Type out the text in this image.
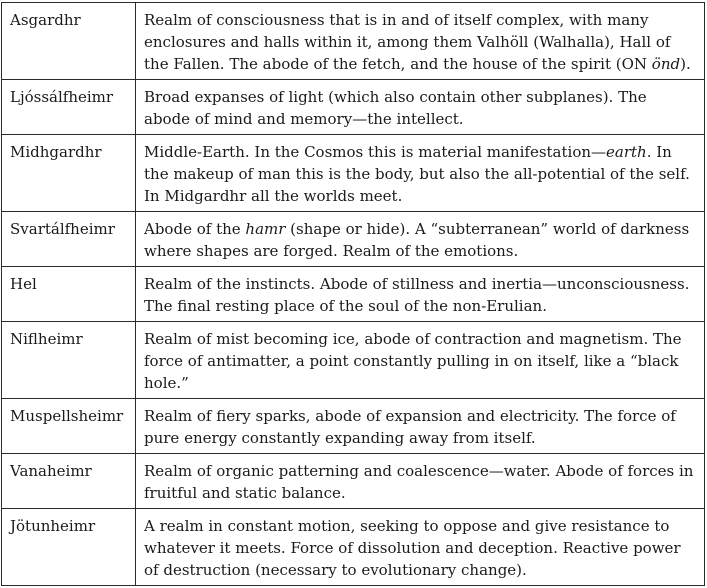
Asgardhr	Realm of consciousness that is in and of itself complex, with many enclosures and halls within it, among them Valhöll (Walhalla), Hall of the Fallen. The abode of the fetch, and the house of the spirit (ON önd).
Ljóssálfheimr	Broad expanses of light (which also contain other subplanes). The abode of mind and memory—the intellect.
Midhgardhr	Middle-Earth. In the Cosmos this is material manifestation—earth. In the makeup of man this is the body, but also the all-potential of the self. In Midgardhr all the worlds meet.
Svartálfheimr	Abode of the hamr (shape or hide). A “subterranean” world of darkness where shapes are forged. Realm of the emotions.
Hel	Realm of the instincts. Abode of stillness and inertia—unconsciousness. The final resting place of the soul of the non-Erulian.
Niflheimr	Realm of mist becoming ice, abode of contraction and magnetism. The force of antimatter, a point constantly pulling in on itself, like a “black hole.”
Muspellsheimr	Realm of fiery sparks, abode of expansion and electricity. The force of pure energy constantly expanding away from itself.
Vanaheimr	Realm of organic patterning and coalescence—water. Abode of forces in fruitful and static balance.
Jötunheimr	A realm in constant motion, seeking to oppose and give resistance to whatever it meets. Force of dissolution and deception. Reactive power of destruction (necessary to evolutionary change).
